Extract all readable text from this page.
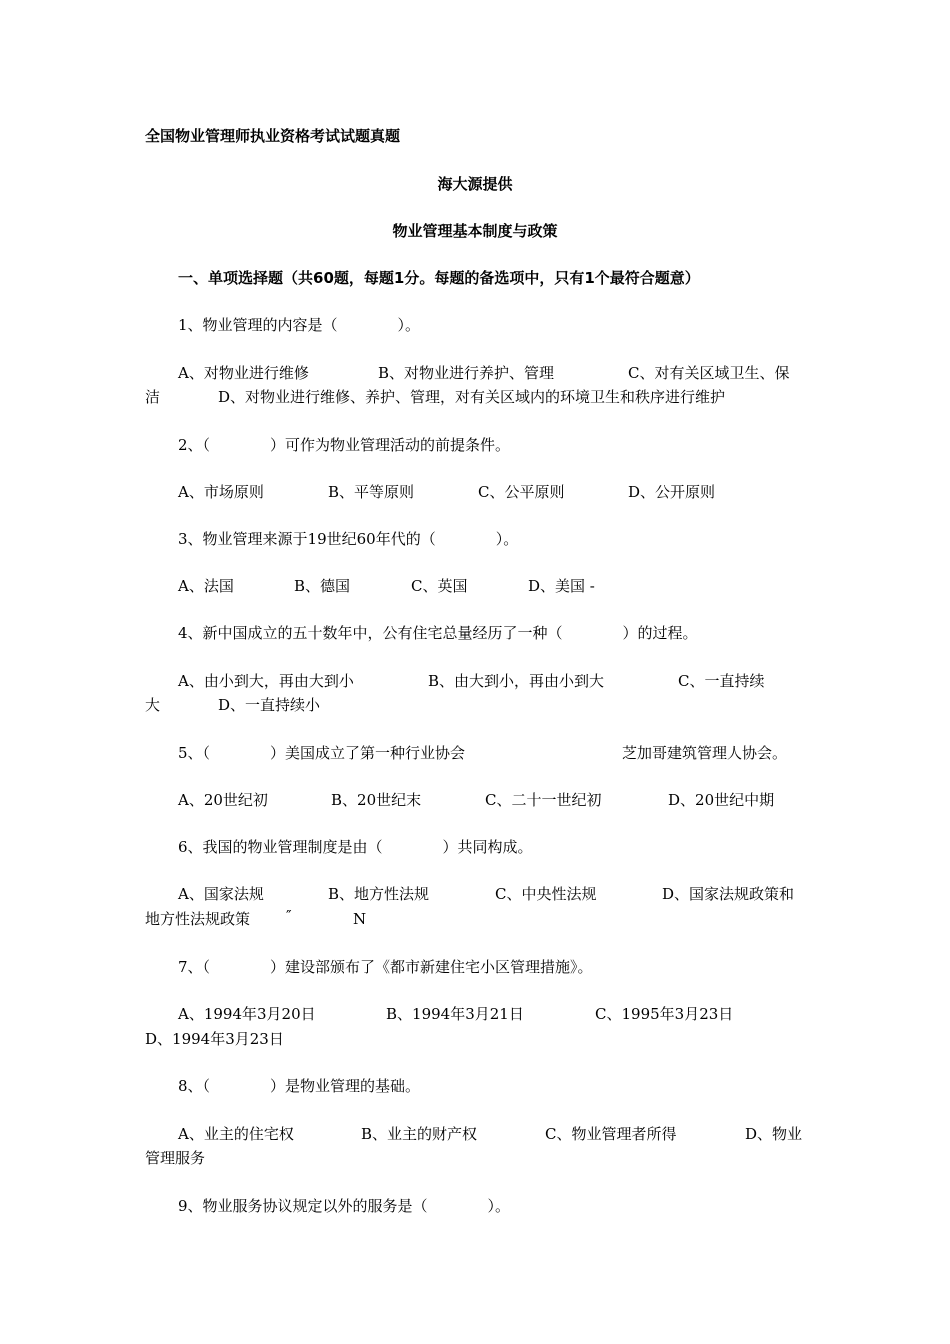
全国物业管理师执业资格考试试题真题
海大源提供
物业管理基本制度与政策
一、单项选择题（共60题，每题1分。每题的备选项中，只有1个最符合题意）
1、物业管理的内容是（　　　　）。
A、对物业进行维修	B、对物业进行养护、管理	C、对有关区域卫生、保
洁	D、对物业进行维修、养护、管理，对有关区域内的环境卫生和秩序进行维护
2、（　　　　）可作为物业管理活动的前提条件。
A、市场原则	B、平等原则	C、公平原则	D、公开原则
3、物业管理来源于19世纪60年代的（　　　　）。
A、法国	B、德国	C、英国	D、美国 -
4、新中国成立的五十数年中，公有住宅总量经历了一种（　　　　）的过程。
A、由小到大，再由大到小	B、由大到小，再由小到大	C、一直持续
大	D、一直持续小
5、（　　　　）美国成立了第一种行业协会	芝加哥建筑管理人协会。
A、20世纪初	B、20世纪末	C、二十一世纪初	D、20世纪中期
6、我国的物业管理制度是由（　　　　）共同构成。
A、国家法规	B、地方性法规	C、中央性法规	D、国家法规政策和
地方性法规政策 ″	N
7、（　　　　）建设部颁布了《都市新建住宅小区管理措施》。
A、1994年3月20日	B、1994年3月21日	C、1995年3月23日
D、1994年3月23日
8、（　　　　）是物业管理的基础。
A、业主的住宅权	B、业主的财产权	C、物业管理者所得	D、物业
管理服务
9、物业服务协议规定以外的服务是（　　　　）。
